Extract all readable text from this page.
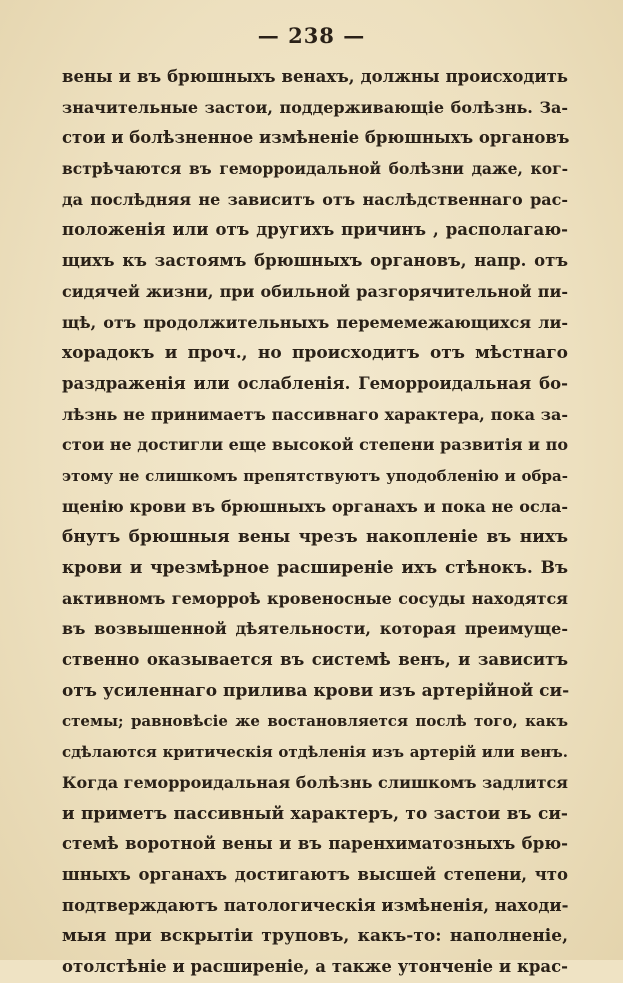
— 238 —
вены и въ брюшныхъ венахъ, должны происходить
значительные застои, поддерживающіе болѣзнь. За-
стои и болѣзненное измѣненіе брюшныхъ органовъ
встрѣчаются въ геморроидальной болѣзни даже, ког-
да послѣдняя не зависитъ отъ наслѣдственнаго рас-
положенія или отъ другихъ причинъ , располагаю-
щихъ къ застоямъ брюшныхъ органовъ, напр. отъ
сидячей жизни, при обильной разгорячительной пи-
щѣ, отъ продолжительныхъ перемемежающихся ли-
хорадокъ и проч., но происходитъ отъ мѣстнаго
раздраженія или ослабленія. Геморроидальная бо-
лѣзнь не принимаетъ пассивнаго характера, пока за-
стои не достигли еще высокой степени развитія и по
этому не слишкомъ препятствуютъ уподобленію и обра-
щенію крови въ брюшныхъ органахъ и пока не осла-
бнутъ брюшныя вены чрезъ накопленіе въ нихъ
крови и чрезмѣрное расширеніе ихъ стѣнокъ. Въ
активномъ геморроѣ кровеносные сосуды находятся
въ возвышенной дѣятельности, которая преимуще-
ственно оказывается въ системѣ венъ, и зависитъ
отъ усиленнаго прилива крови изъ артерійной си-
стемы; равновѣсіе же востановляется послѣ того, какъ
сдѣлаются критическія отдѣленія изъ артерій или венъ.
Когда геморроидальная болѣзнь слишкомъ задлится
и приметъ пассивный характеръ, то застои въ си-
стемѣ воротной вены и въ паренхиматозныхъ брю-
шныхъ органахъ достигаютъ высшей степени, что
подтверждаютъ патологическія измѣненія, находи-
мыя при вскрытіи труповъ, какъ-то: наполненіе,
отолстѣніе и расширеніе, а также утонченіе и крас-
